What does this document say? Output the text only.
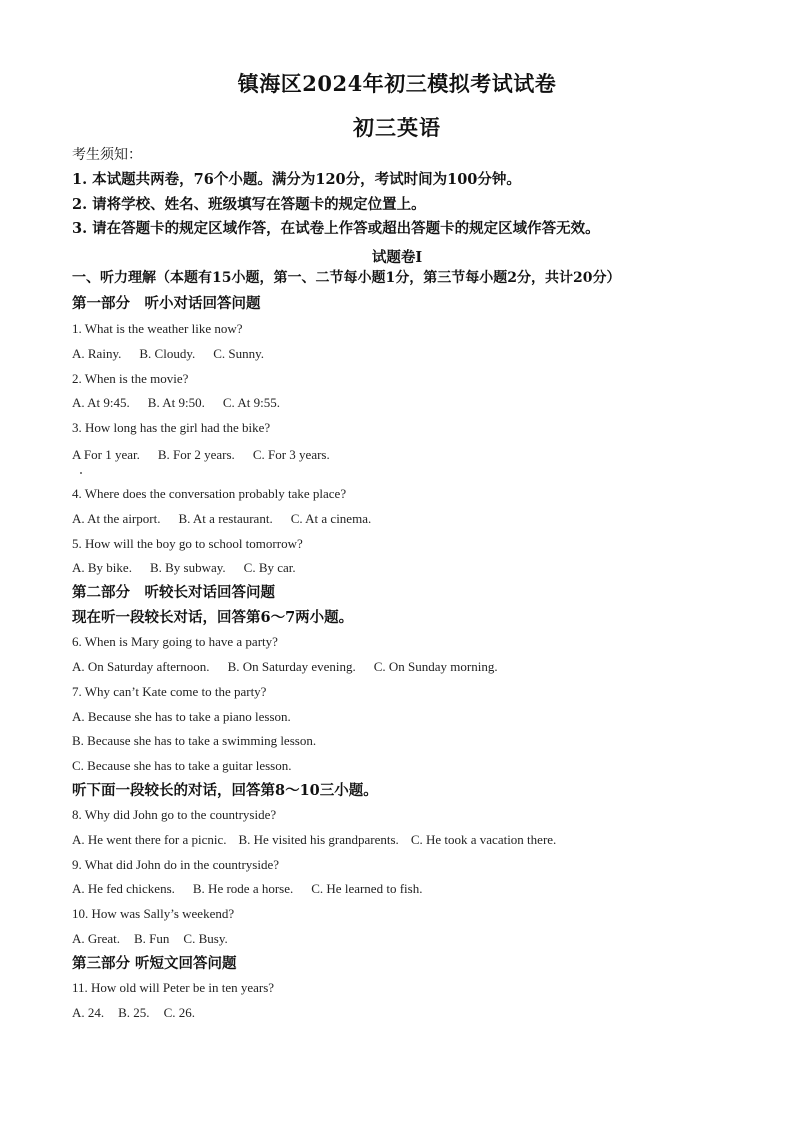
镇海区2024年初三模拟考试试卷
初三英语
考生须知：
1. 本试题共两卷，76个小题。满分为120分，考试时间为100分钟。
2. 请将学校、姓名、班级填写在答题卡的规定位置上。
3. 请在答题卡的规定区域作答，在试卷上作答或超出答题卡的规定区域作答无效。
试题卷Ⅰ
一、听力理解（本题有15小题，第一、二节每小题1分，第三节每小题2分，共计20分）
第一部分　听小对话回答问题
1. What is the weather like now?
A. Rainy. B. Cloudy. C. Sunny.
2. When is the movie?
A. At 9:45. B. At 9:50. C. At 9:55.
3. How long has the girl had the bike?
A For 1 year. B. For 2 years. C. For 3 years.
4. Where does the conversation probably take place?
A. At the airport. B. At a restaurant. C. At a cinema.
5. How will the boy go to school tomorrow?
A. By bike. B. By subway. C. By car.
第二部分　听较长对话回答问题
现在听一段较长对话，回答第6～7两小题。
6. When is Mary going to have a party?
A. On Saturday afternoon. B. On Saturday evening. C. On Sunday morning.
7. Why can’t Kate come to the party?
A. Because she has to take a piano lesson.
B. Because she has to take a swimming lesson.
C. Because she has to take a guitar lesson.
听下面一段较长的对话，回答第8～10三小题。
8. Why did John go to the countryside?
A. He went there for a picnic. B. He visited his grandparents. C. He took a vacation there.
9. What did John do in the countryside?
A. He fed chickens. B. He rode a horse. C. He learned to fish.
10. How was Sally’s weekend?
A. Great. B. Fun C. Busy.
第三部分 听短文回答问题
11. How old will Peter be in ten years?
A. 24. B. 25. C. 26.
